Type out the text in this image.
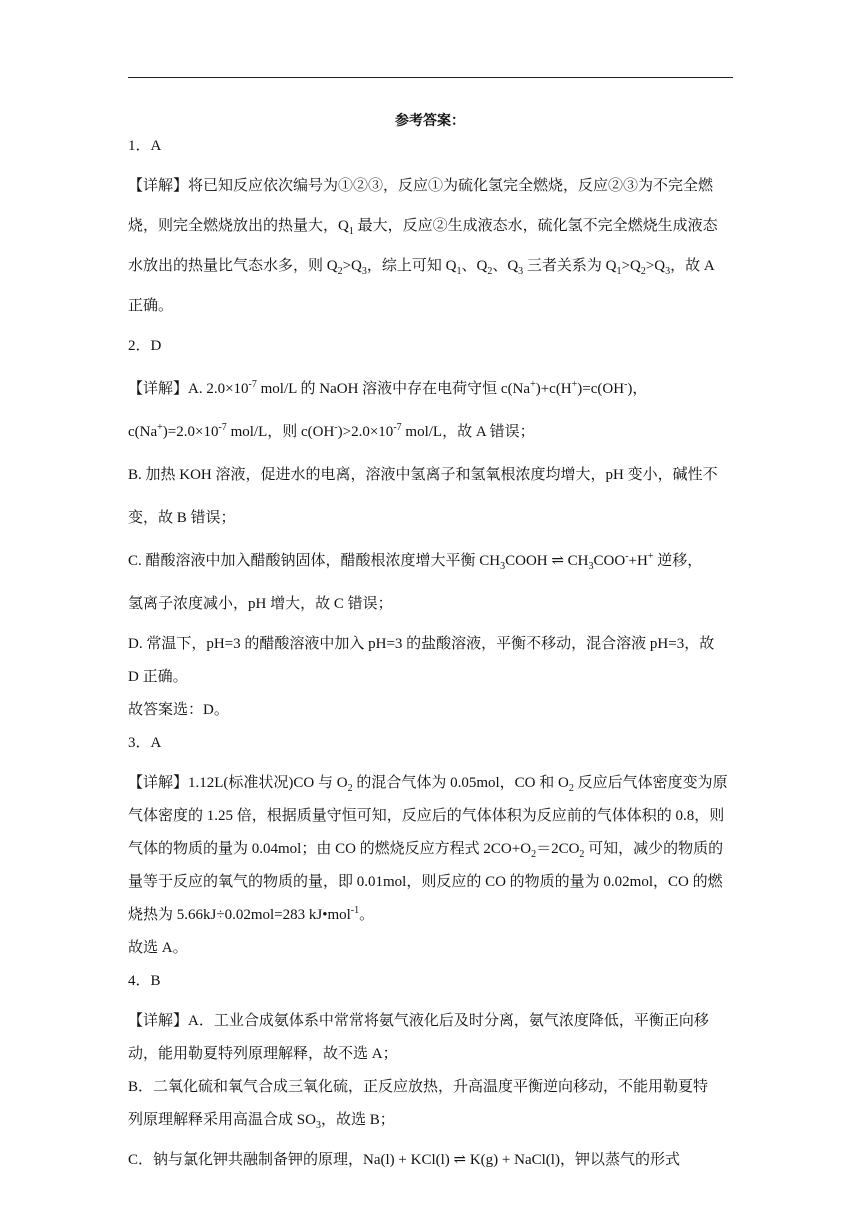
参考答案：

1．A

【详解】将已知反应依次编号为①②③，反应①为硫化氢完全燃烧，反应②③为不完全燃

烧，则完全燃烧放出的热量大，$Q_1$ 最大，反应②生成液态水，硫化氢不完全燃烧生成液态

水放出的热量比气态水多，则 $Q_2>Q_3$，综上可知 $Q_1$、$Q_2$、$Q_3$ 三者关系为 $Q_1>Q_2>Q_3$，故 A

正确。

2．D

【详解】A. $2.0\times 10^{-7}$ mol/L 的 NaOH 溶液中存在电荷守恒 c(Na+)+c(H+)=c(OH-)，

$c(Na^+)=2.0\times 10^{-7}$ mol/L，则 $c(OH^-)>2.0\times 10^{-7}$ mol/L，故 A 错误；

B. 加热 KOH 溶液，促进水的电离，溶液中氢离子和氢氧根浓度均增大，pH 变小，碱性不

变，故 B 错误；

C. 醋酸溶液中加入醋酸钠固体，醋酸根浓度增大平衡 $CH_3COOH$ ⇌ $CH_3COO^-+H^+$ 逆移，

氢离子浓度减小，pH 增大，故 C 错误；

D. 常温下，pH=3 的醋酸溶液中加入 pH=3 的盐酸溶液，平衡不移动，混合溶液 pH=3，故

D 正确。

故答案选：D。

3．A

【详解】1.12L(标准状况)CO 与 $O_2$ 的混合气体为 0.05mol，CO 和 $O_2$ 反应后气体密度变为原

气体密度的 1.25 倍，根据质量守恒可知，反应后的气体体积为反应前的气体体积的 0.8，则

气体的物质的量为 0.04mol；由 CO 的燃烧反应方程式 $2CO+O_2=2CO_2$ 可知，减少的物质的

量等于反应的氧气的物质的量，即 0.01mol，则反应的 CO 的物质的量为 0.02mol，CO 的燃

烧热为 5.66kJ÷0.02mol=283 kJ•mol$^{-1}$。

故选 A。

4．B

【详解】A．工业合成氨体系中常常将氨气液化后及时分离，氨气浓度降低，平衡正向移

动，能用勒夏特列原理解释，故不选 A；

B．二氧化硫和氧气合成三氧化硫，正反应放热，升高温度平衡逆向移动，不能用勒夏特

列原理解释采用高温合成 $SO_3$，故选 B；

C．钠与氯化钾共融制备钾的原理，Na(l) + KCl(l) ⇌ K(g) + NaCl(l)，钾以蒸气的形式
